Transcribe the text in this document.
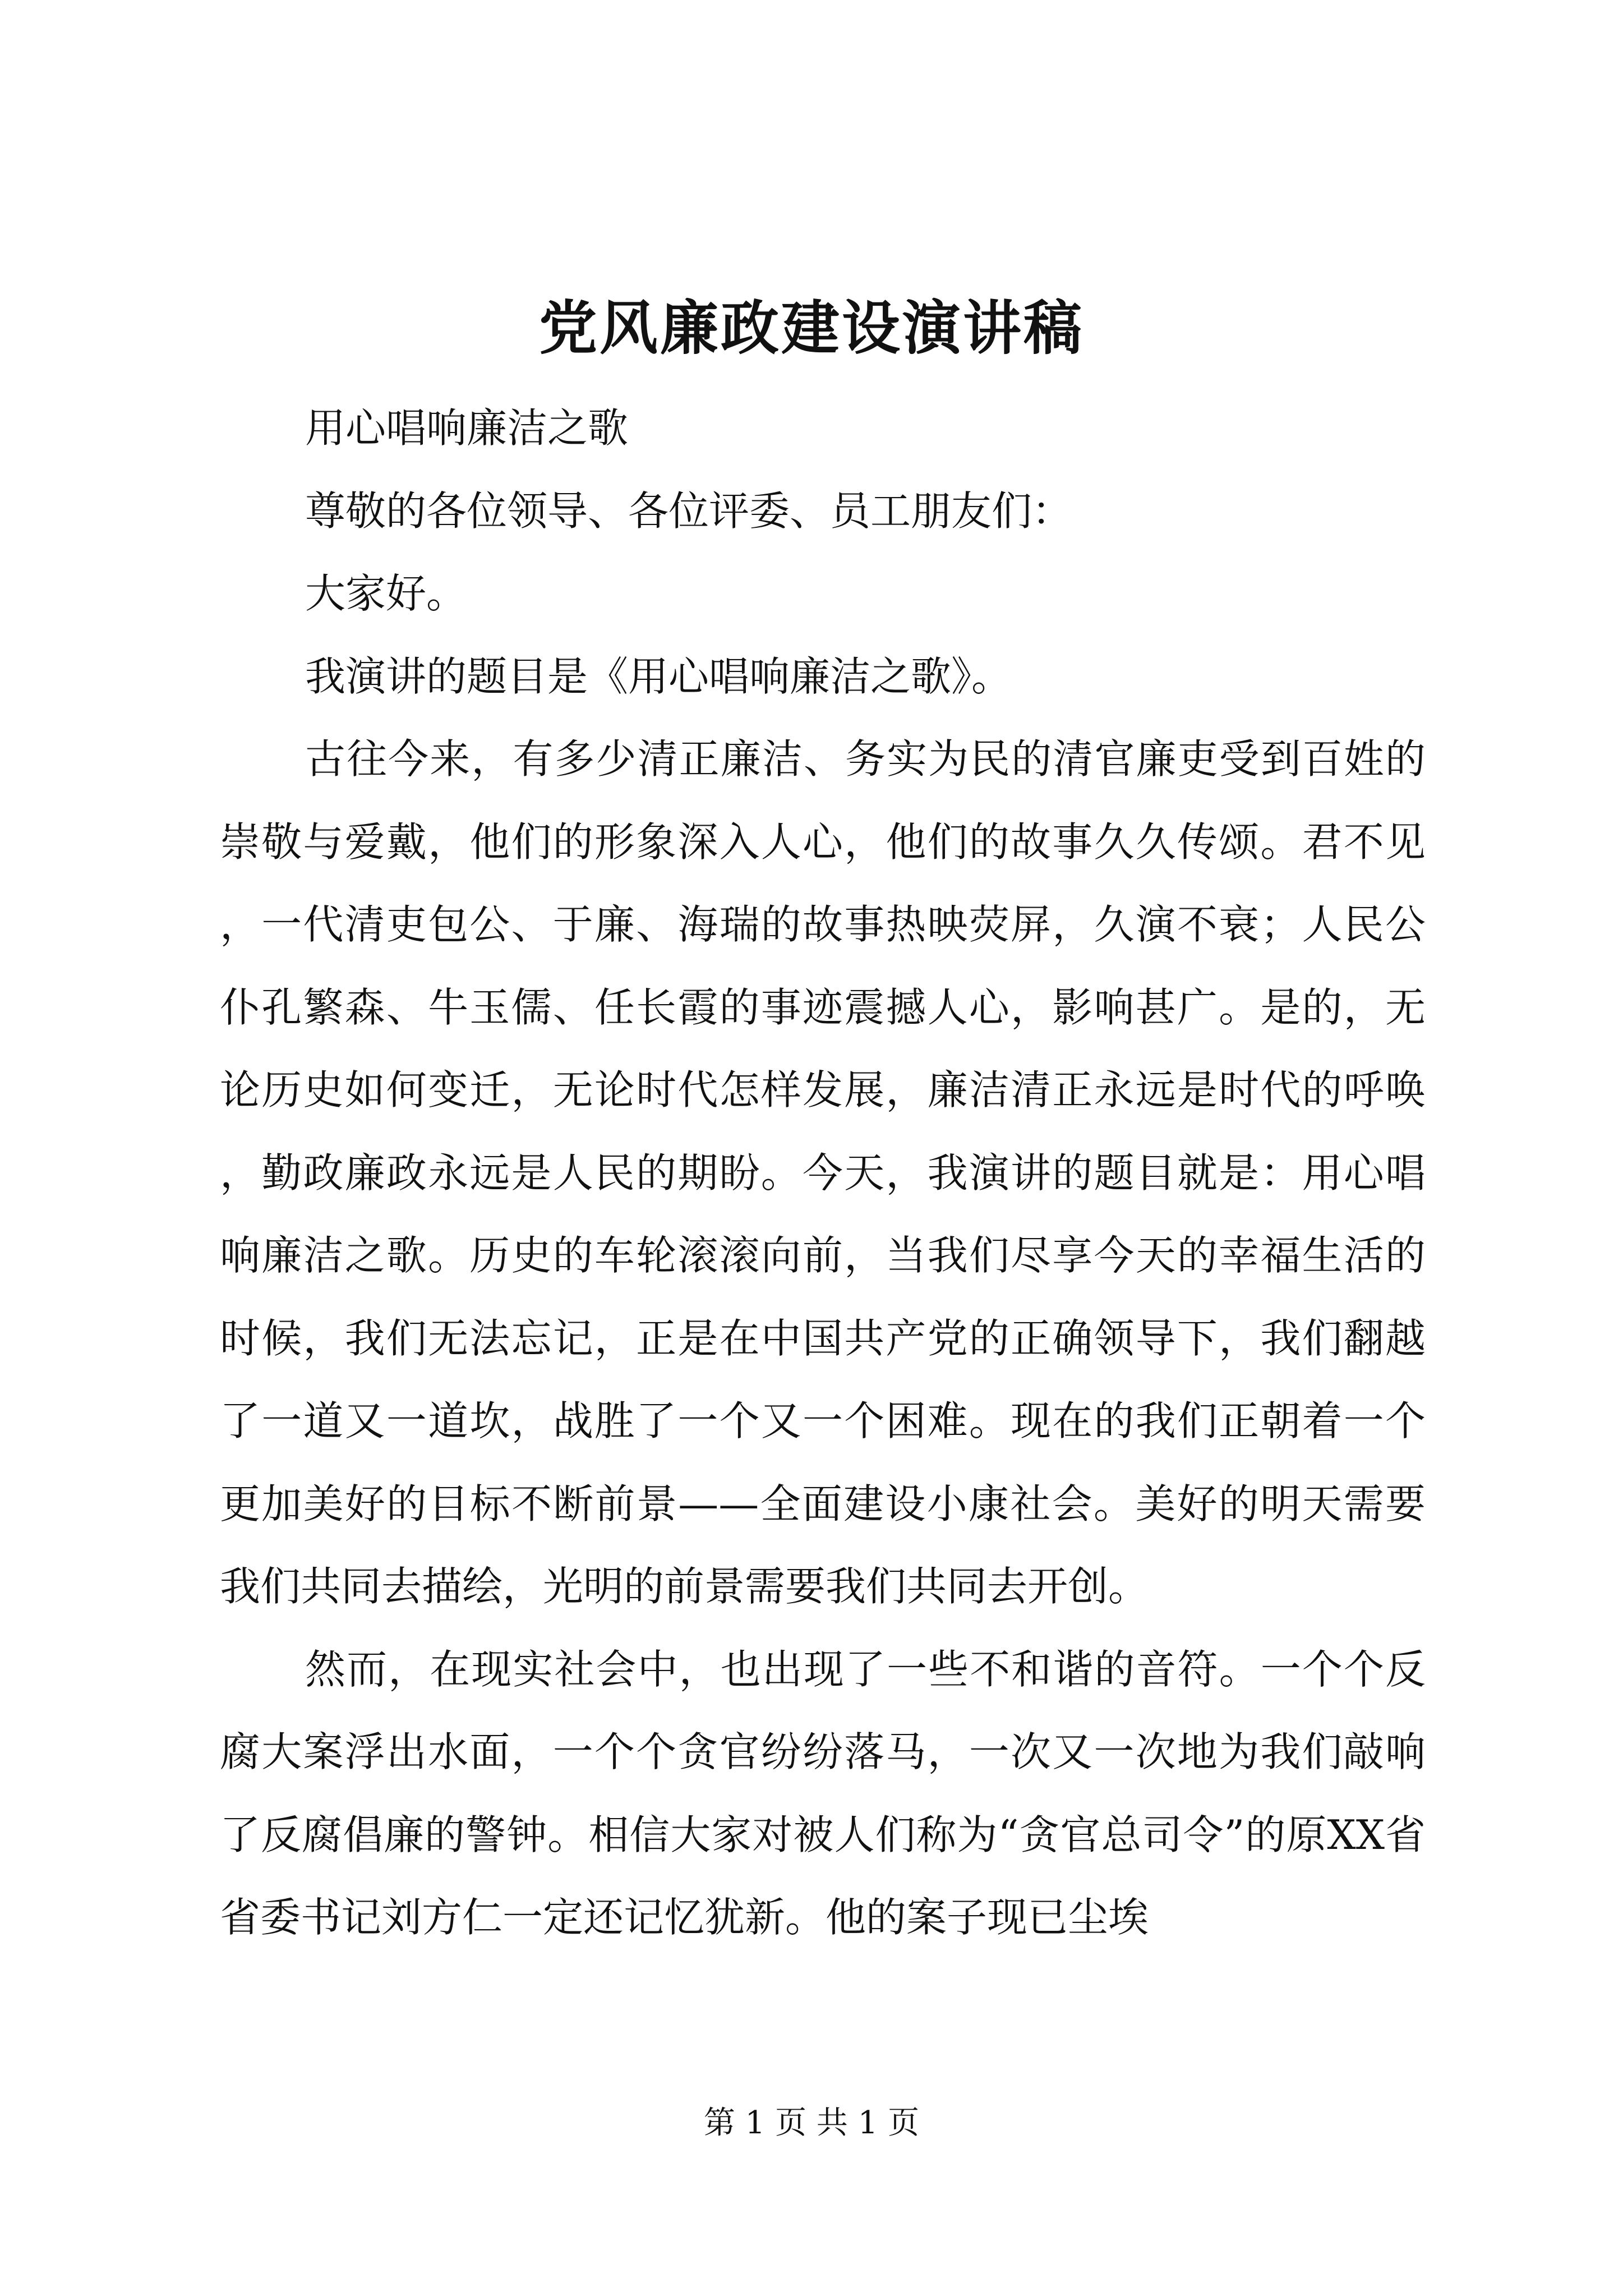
党风廉政建设演讲稿

用心唱响廉洁之歌

尊敬的各位领导、各位评委、员工朋友们：

大家好。

我演讲的题目是《用心唱响廉洁之歌》。

古往今来，有多少清正廉洁、务实为民的清官廉吏受到百姓的崇敬与爱戴，他们的形象深入人心，他们的故事久久传颂。君不见，一代清吏包公、于廉、海瑞的故事热映荧屏，久演不衰；人民公仆孔繁森、牛玉儒、任长霞的事迹震撼人心，影响甚广。是的，无论历史如何变迁，无论时代怎样发展，廉洁清正永远是时代的呼唤，勤政廉政永远是人民的期盼。今天，我演讲的题目就是：用心唱响廉洁之歌。历史的车轮滚滚向前，当我们尽享今天的幸福生活的时候，我们无法忘记，正是在中国共产党的正确领导下，我们翻越了一道又一道坎，战胜了一个又一个困难。现在的我们正朝着一个更加美好的目标不断前景——全面建设小康社会。美好的明天需要我们共同去描绘，光明的前景需要我们共同去开创。

然而，在现实社会中，也出现了一些不和谐的音符。一个个反腐大案浮出水面，一个个贪官纷纷落马，一次又一次地为我们敲响了反腐倡廉的警钟。相信大家对被人们称为“贪官总司令”的原XX省省委书记刘方仁一定还记忆犹新。他的案子现已尘埃

第 1 页 共 1 页
